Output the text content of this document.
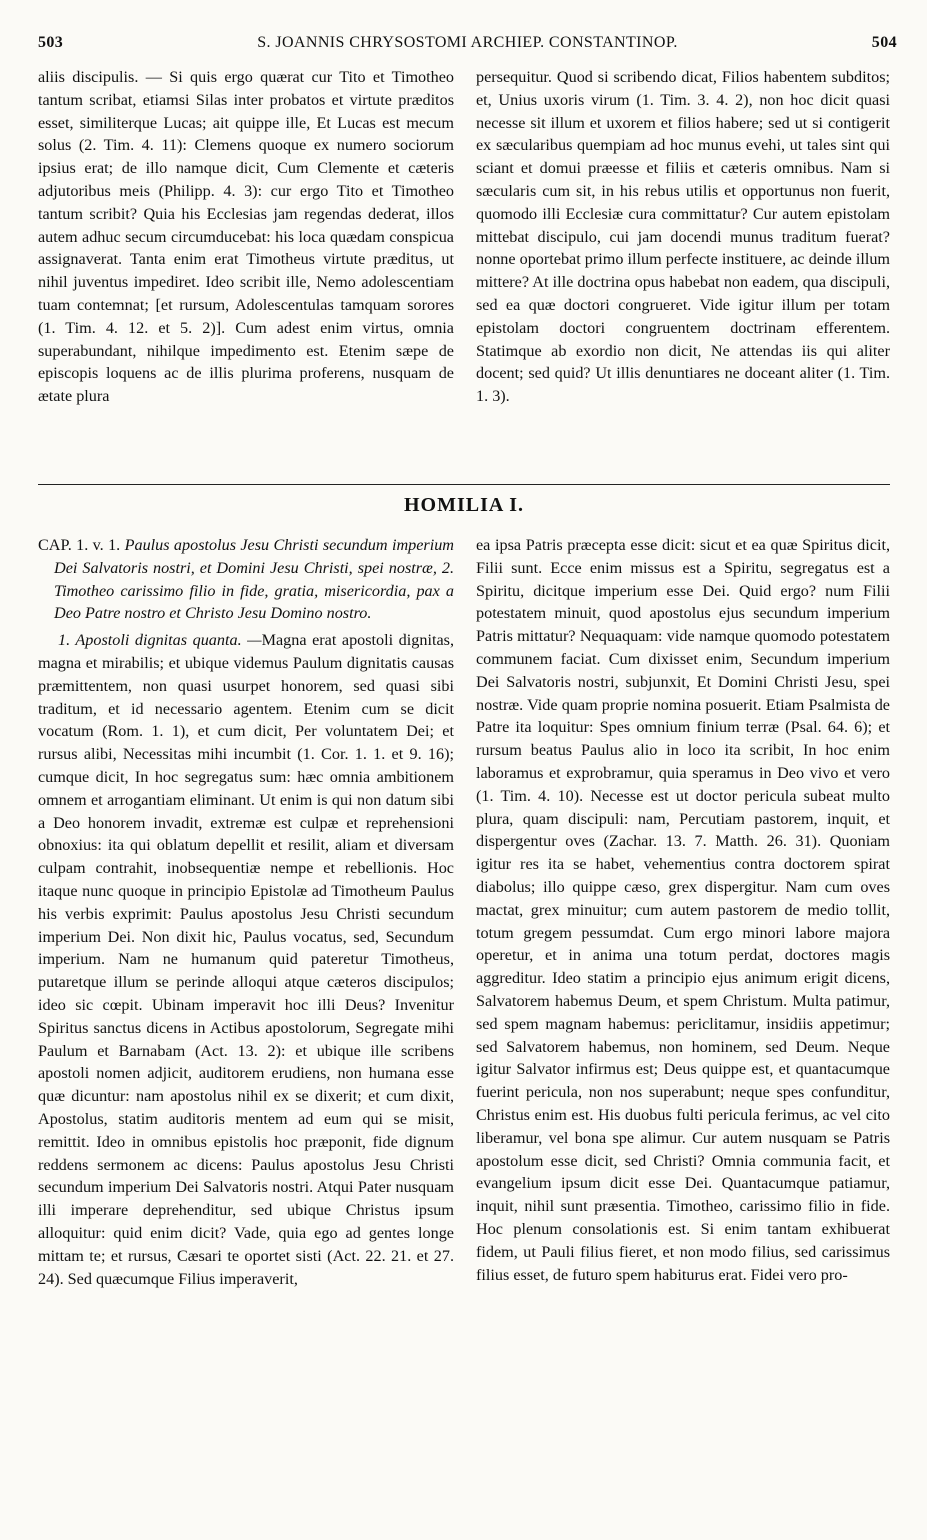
503	S. JOANNIS CHRYSOSTOMI ARCHIEP. CONSTANTINOP.	504

aliis discipulis. — Si quis ergo quærat cur Tito et Timotheo tantum scribat, etiamsi Silas inter probatos et virtute præditos esset, similiterque Lucas; ait quippe ille, Et Lucas est mecum solus (2. Tim. 4. 11): Clemens quoque ex numero sociorum ipsius erat; de illo namque dicit, Cum Clemente et cæteris adjutoribus meis (Philipp. 4. 3): cur ergo Tito et Timotheo tantum scribit? Quia his Ecclesias jam regendas dederat, illos autem adhuc secum circumducebat: his loca quædam conspicua assignaverat. Tanta enim erat Timotheus virtute præditus, ut nihil juventus impediret. Ideo scribit ille, Nemo adolescentiam tuam contemnat; [et rursum, Adolescentulas tamquam sorores (1. Tim. 4. 12. et 5. 2)]. Cum adest enim virtus, omnia superabundant, nihilque impedimento est. Etenim sæpe de episcopis loquens ac de illis plurima proferens, nusquam de ætate plura

persequitur. Quod si scribendo dicat, Filios habentem subditos; et, Unius uxoris virum (1. Tim. 3. 4. 2), non hoc dicit quasi necesse sit illum et uxorem et filios habere; sed ut si contigerit ex sæcularibus quempiam ad hoc munus evehi, ut tales sint qui sciant et domui præesse et filiis et cæteris omnibus. Nam si sæcularis cum sit, in his rebus utilis et opportunus non fuerit, quomodo illi Ecclesiæ cura committatur? Cur autem epistolam mittebat discipulo, cui jam docendi munus traditum fuerat? nonne oportebat primo illum perfecte instituere, ac deinde illum mittere? At ille doctrina opus habebat non eadem, qua discipuli, sed ea quæ doctori congrueret. Vide igitur illum per totam epistolam doctori congruentem doctrinam efferentem. Statimque ab exordio non dicit, Ne attendas iis qui aliter docent; sed quid? Ut illis denuntiares ne doceant aliter (1. Tim. 1. 3).

HOMILIA I.

CAP. 1. v. 1. Paulus apostolus Jesu Christi secundum imperium Dei Salvatoris nostri, et Domini Jesu Christi, spei nostræ, 2. Timotheo carissimo filio in fide, gratia, misericordia, pax a Deo Patre nostro et Christo Jesu Domino nostro.

1. Apostoli dignitas quanta. —Magna erat apostoli dignitas, magna et mirabilis; et ubique videmus Paulum dignitatis causas præmittentem, non quasi usurpet honorem, sed quasi sibi traditum, et id necessario agentem. Etenim cum se dicit vocatum (Rom. 1. 1), et cum dicit, Per voluntatem Dei; et rursus alibi, Necessitas mihi incumbit (1. Cor. 1. 1. et 9. 16); cumque dicit, In hoc segregatus sum: hæc omnia ambitionem omnem et arrogantiam eliminant. Ut enim is qui non datum sibi a Deo honorem invadit, extremæ est culpæ et reprehensioni obnoxius: ita qui oblatum depellit et resilit, aliam et diversam culpam contrahit, inobsequentiæ nempe et rebellionis. Hoc itaque nunc quoque in principio Epistolæ ad Timotheum Paulus his verbis exprimit: Paulus apostolus Jesu Christi secundum imperium Dei. Non dixit hic, Paulus vocatus, sed, Secundum imperium. Nam ne humanum quid pateretur Timotheus, putaretque illum se perinde alloqui atque cæteros discipulos; ideo sic cœpit. Ubinam imperavit hoc illi Deus? Invenitur Spiritus sanctus dicens in Actibus apostolorum, Segregate mihi Paulum et Barnabam (Act. 13. 2): et ubique ille scribens apostoli nomen adjicit, auditorem erudiens, non humana esse quæ dicuntur: nam apostolus nihil ex se dixerit; et cum dixit, Apostolus, statim auditoris mentem ad eum qui se misit, remittit. Ideo in omnibus epistolis hoc præponit, fide dignum reddens sermonem ac dicens: Paulus apostolus Jesu Christi secundum imperium Dei Salvatoris nostri. Atqui Pater nusquam illi imperare deprehenditur, sed ubique Christus ipsum alloquitur: quid enim dicit? Vade, quia ego ad gentes longe mittam te; et rursus, Cæsari te oportet sisti (Act. 22. 21. et 27. 24). Sed quæcumque Filius imperaverit,

ea ipsa Patris præcepta esse dicit: sicut et ea quæ Spiritus dicit, Filii sunt. Ecce enim missus est a Spiritu, segregatus est a Spiritu, dicitque imperium esse Dei. Quid ergo? num Filii potestatem minuit, quod apostolus ejus secundum imperium Patris mittatur? Nequaquam: vide namque quomodo potestatem communem faciat. Cum dixisset enim, Secundum imperium Dei Salvatoris nostri, subjunxit, Et Domini Christi Jesu, spei nostræ. Vide quam proprie nomina posuerit. Etiam Psalmista de Patre ita loquitur: Spes omnium finium terræ (Psal. 64. 6); et rursum beatus Paulus alio in loco ita scribit, In hoc enim laboramus et exprobramur, quia speramus in Deo vivo et vero (1. Tim. 4. 10). Necesse est ut doctor pericula subeat multo plura, quam discipuli: nam, Percutiam pastorem, inquit, et dispergentur oves (Zachar. 13. 7. Matth. 26. 31). Quoniam igitur res ita se habet, vehementius contra doctorem spirat diabolus; illo quippe cæso, grex dispergitur. Nam cum oves mactat, grex minuitur; cum autem pastorem de medio tollit, totum gregem pessumdat. Cum ergo minori labore majora operetur, et in anima una totum perdat, doctores magis aggreditur. Ideo statim a principio ejus animum erigit dicens, Salvatorem habemus Deum, et spem Christum. Multa patimur, sed spem magnam habemus: periclitamur, insidiis appetimur; sed Salvatorem habemus, non hominem, sed Deum. Neque igitur Salvator infirmus est; Deus quippe est, et quantacumque fuerint pericula, non nos superabunt; neque spes confunditur, Christus enim est. His duobus fulti pericula ferimus, ac vel cito liberamur, vel bona spe alimur. Cur autem nusquam se Patris apostolum esse dicit, sed Christi? Omnia communia facit, et evangelium ipsum dicit esse Dei. Quantacumque patiamur, inquit, nihil sunt præsentia. Timotheo, carissimo filio in fide. Hoc plenum consolationis est. Si enim tantam exhibuerat fidem, ut Pauli filius fieret, et non modo filius, sed carissimus filius esset, de futuro spem habiturus erat. Fidei vero pro-
